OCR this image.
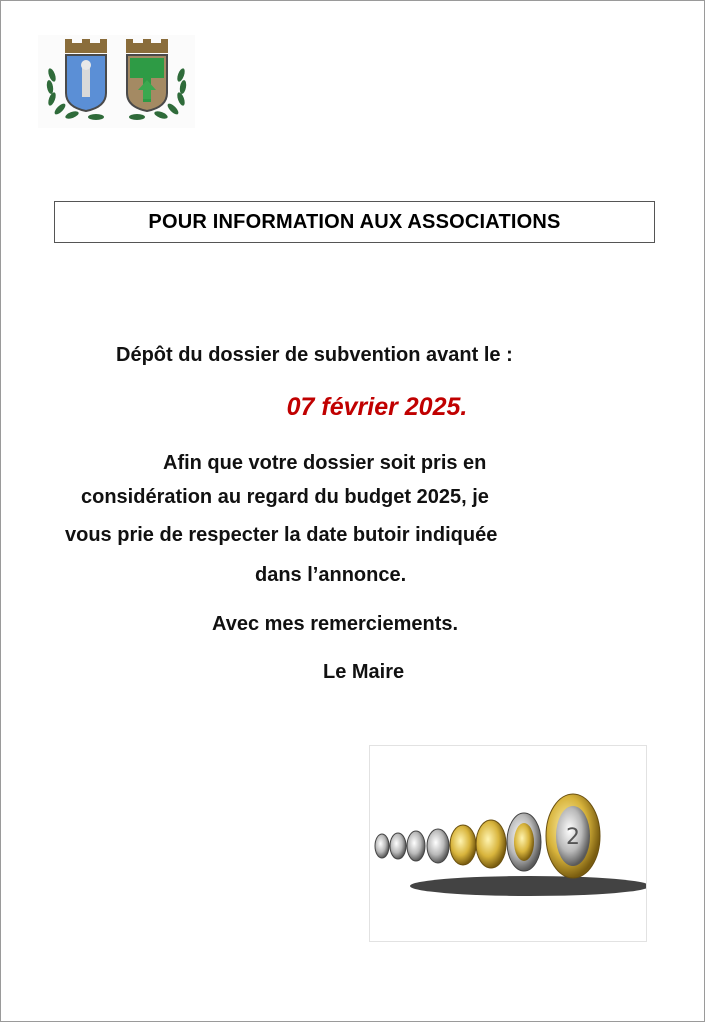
POUR INFORMATION AUX ASSOCIATIONS
Dépôt du dossier de subvention avant le :
07 février 2025.
Afin que votre dossier soit pris en
considération au regard du budget 2025, je
vous prie de respecter la date butoir indiquée
dans l’annonce.
Avec mes remerciements.
Le Maire
2
